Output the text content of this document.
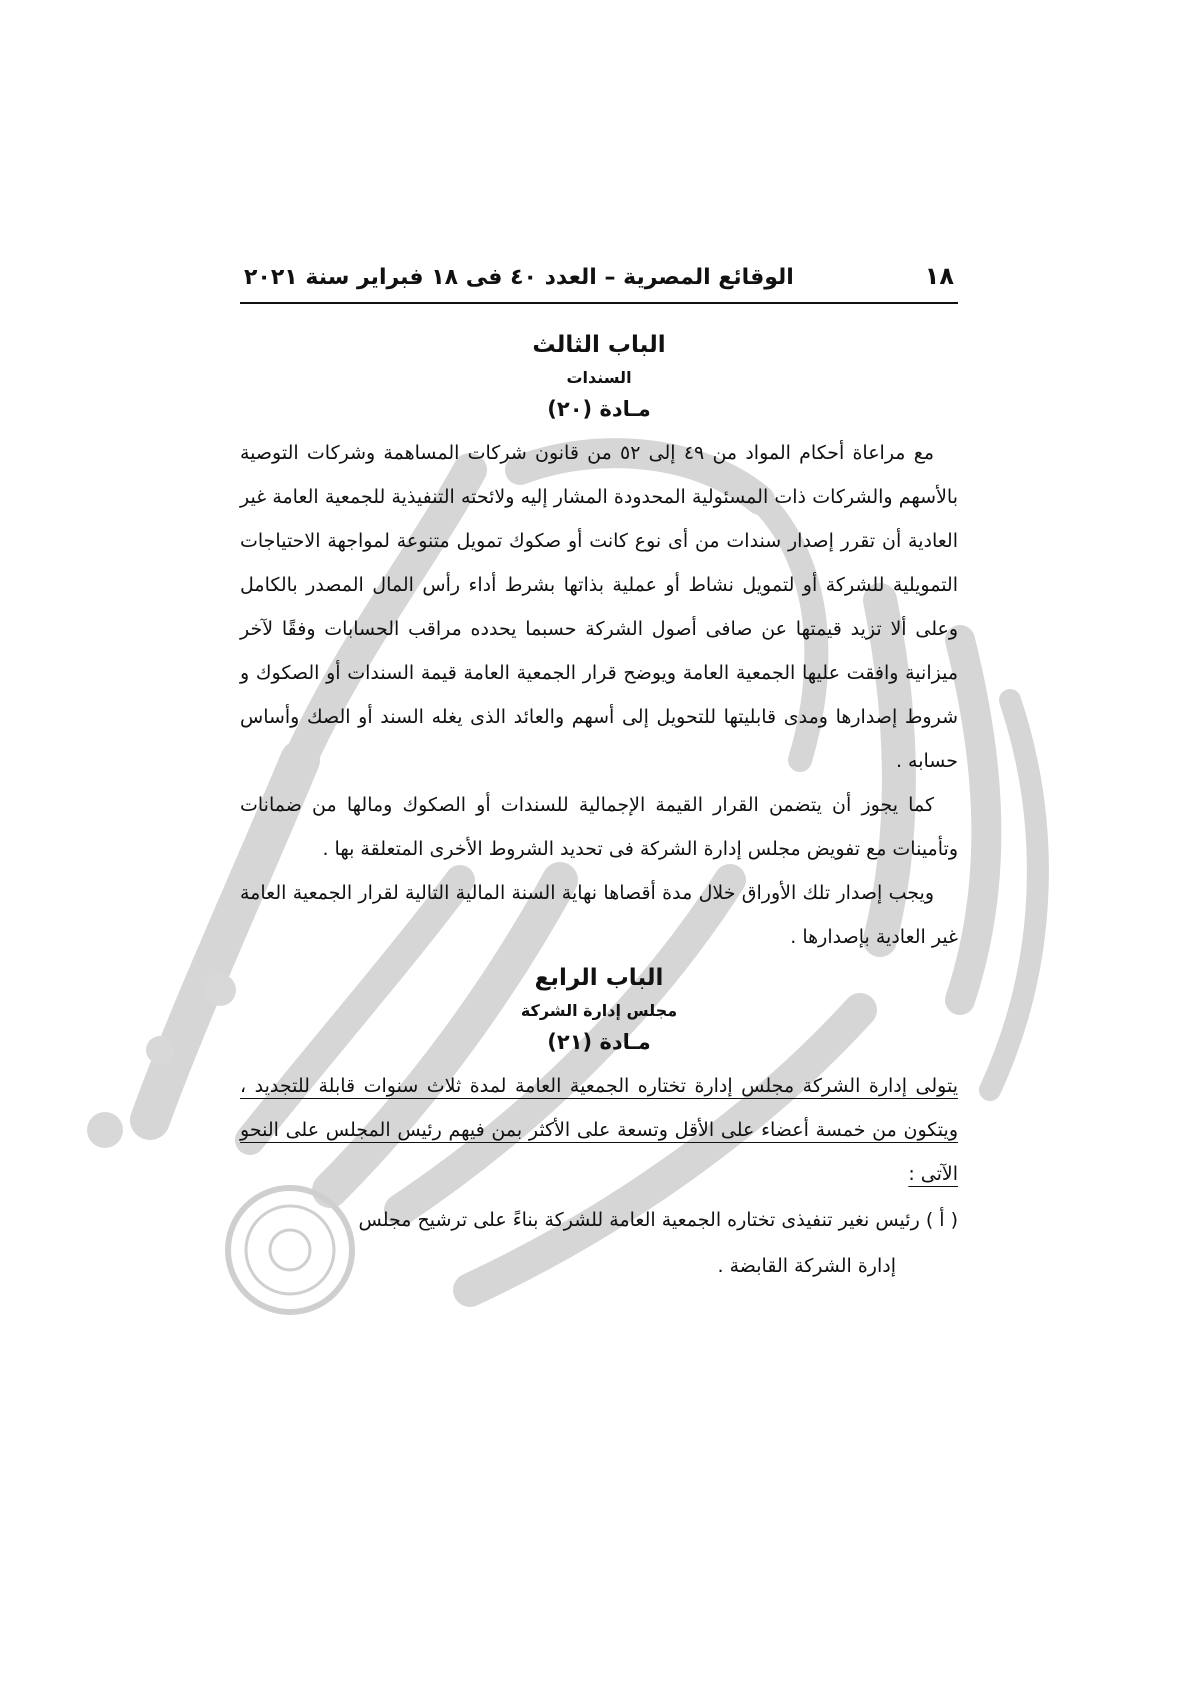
١٨
الوقائع المصرية – العدد ٤٠ فى ١٨ فبراير سنة ٢٠٢١
الباب الثالث
السندات
مـادة (٢٠)

مع مراعاة أحكام المواد من ٤٩ إلى ٥٢ من قانون شركات المساهمة وشركات التوصية بالأسهم والشركات ذات المسئولية المحدودة المشار إليه ولائحته التنفيذية للجمعية العامة غير العادية أن تقرر إصدار سندات من أى نوع كانت أو صكوك تمويل متنوعة لمواجهة الاحتياجات التمويلية للشركة أو لتمويل نشاط أو عملية بذاتها بشرط أداء رأس المال المصدر بالكامل وعلى ألا تزيد قيمتها عن صافى أصول الشركة حسبما يحدده مراقب الحسابات وفقًا لآخر ميزانية وافقت عليها الجمعية العامة ويوضح قرار الجمعية العامة قيمة السندات أو الصكوك و شروط إصدارها ومدى قابليتها للتحويل إلى أسهم والعائد الذى يغله السند أو الصك وأساس حسابه .

كما يجوز أن يتضمن القرار القيمة الإجمالية للسندات أو الصكوك ومالها من ضمانات وتأمينات مع تفويض مجلس إدارة الشركة فى تحديد الشروط الأخرى المتعلقة بها .

ويجب إصدار تلك الأوراق خلال مدة أقصاها نهاية السنة المالية التالية لقرار الجمعية العامة غير العادية بإصدارها .

الباب الرابع
مجلس إدارة الشركة
مـادة (٢١)

يتولى إدارة الشركة مجلس إدارة تختاره الجمعية العامة لمدة ثلاث سنوات قابلة للتجديد ، ويتكون من خمسة أعضاء على الأقل وتسعة على الأكثر بمن فيهم رئيس المجلس على النحو الآتى :

( أ ) رئيس نغير تنفيذى تختاره الجمعية العامة للشركة بناءً على ترشيح مجلس
إدارة الشركة القابضة .
